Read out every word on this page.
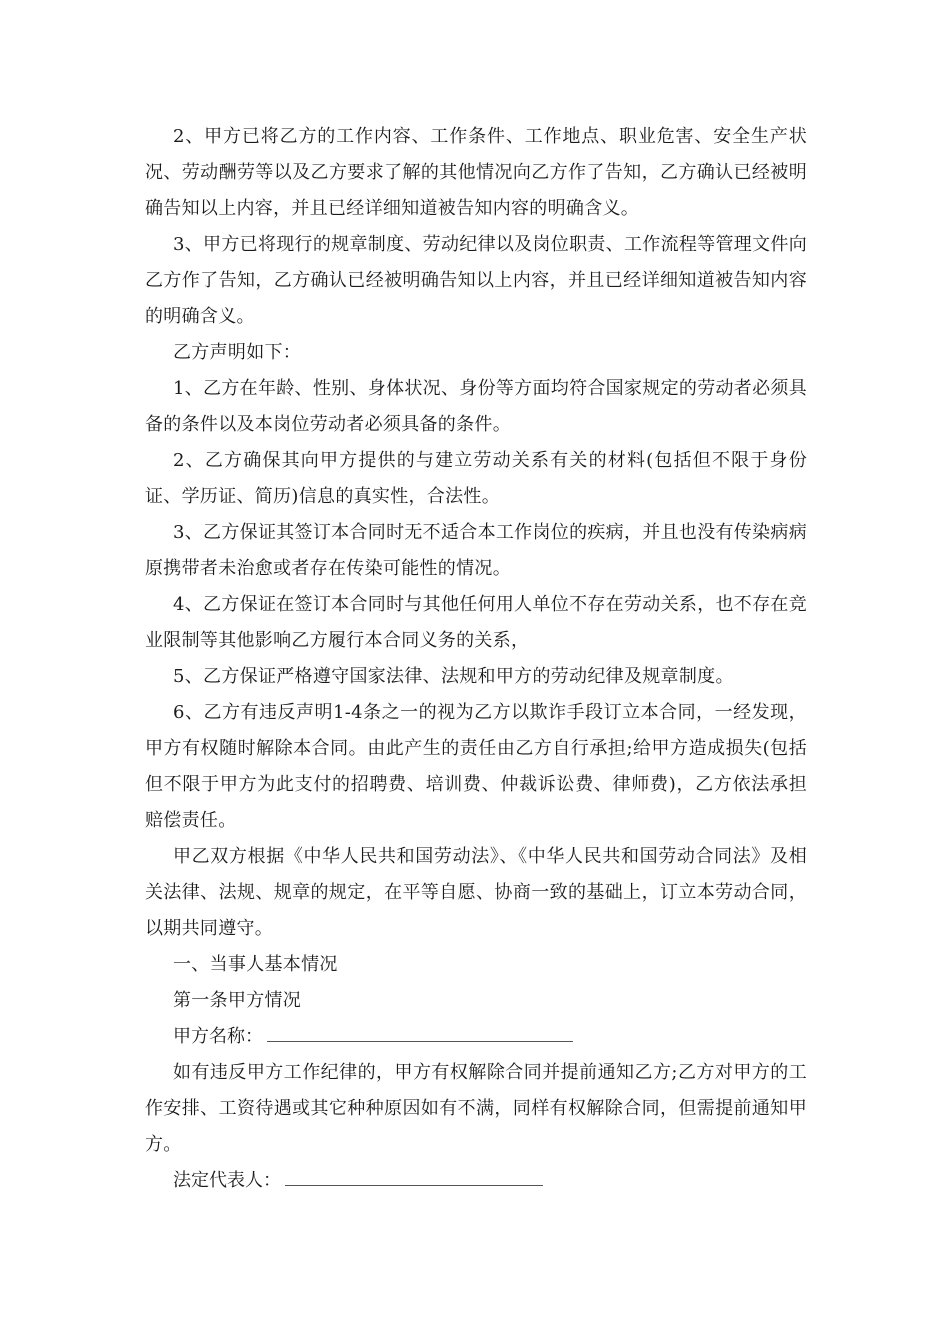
2、甲方已将乙方的工作内容、工作条件、工作地点、职业危害、安全生产状况、劳动酬劳等以及乙方要求了解的其他情况向乙方作了告知，乙方确认已经被明确告知以上内容，并且已经详细知道被告知内容的明确含义。

3、甲方已将现行的规章制度、劳动纪律以及岗位职责、工作流程等管理文件向乙方作了告知，乙方确认已经被明确告知以上内容，并且已经详细知道被告知内容的明确含义。

乙方声明如下：

1、乙方在年龄、性别、身体状况、身份等方面均符合国家规定的劳动者必须具备的条件以及本岗位劳动者必须具备的条件。

2、乙方确保其向甲方提供的与建立劳动关系有关的材料(包括但不限于身份证、学历证、简历)信息的真实性，合法性。

3、乙方保证其签订本合同时无不适合本工作岗位的疾病，并且也没有传染病病原携带者未治愈或者存在传染可能性的情况。

4、乙方保证在签订本合同时与其他任何用人单位不存在劳动关系，也不存在竞业限制等其他影响乙方履行本合同义务的关系，

5、乙方保证严格遵守国家法律、法规和甲方的劳动纪律及规章制度。

6、乙方有违反声明1-4条之一的视为乙方以欺诈手段订立本合同，一经发现，甲方有权随时解除本合同。由此产生的责任由乙方自行承担;给甲方造成损失(包括但不限于甲方为此支付的招聘费、培训费、仲裁诉讼费、律师费)，乙方依法承担赔偿责任。

甲乙双方根据《中华人民共和国劳动法》、《中华人民共和国劳动合同法》及相关法律、法规、规章的规定，在平等自愿、协商一致的基础上，订立本劳动合同，以期共同遵守。

一、当事人基本情况

第一条甲方情况

甲方名称：

如有违反甲方工作纪律的，甲方有权解除合同并提前通知乙方;乙方对甲方的工作安排、工资待遇或其它种种原因如有不满，同样有权解除合同，但需提前通知甲方。

法定代表人：
